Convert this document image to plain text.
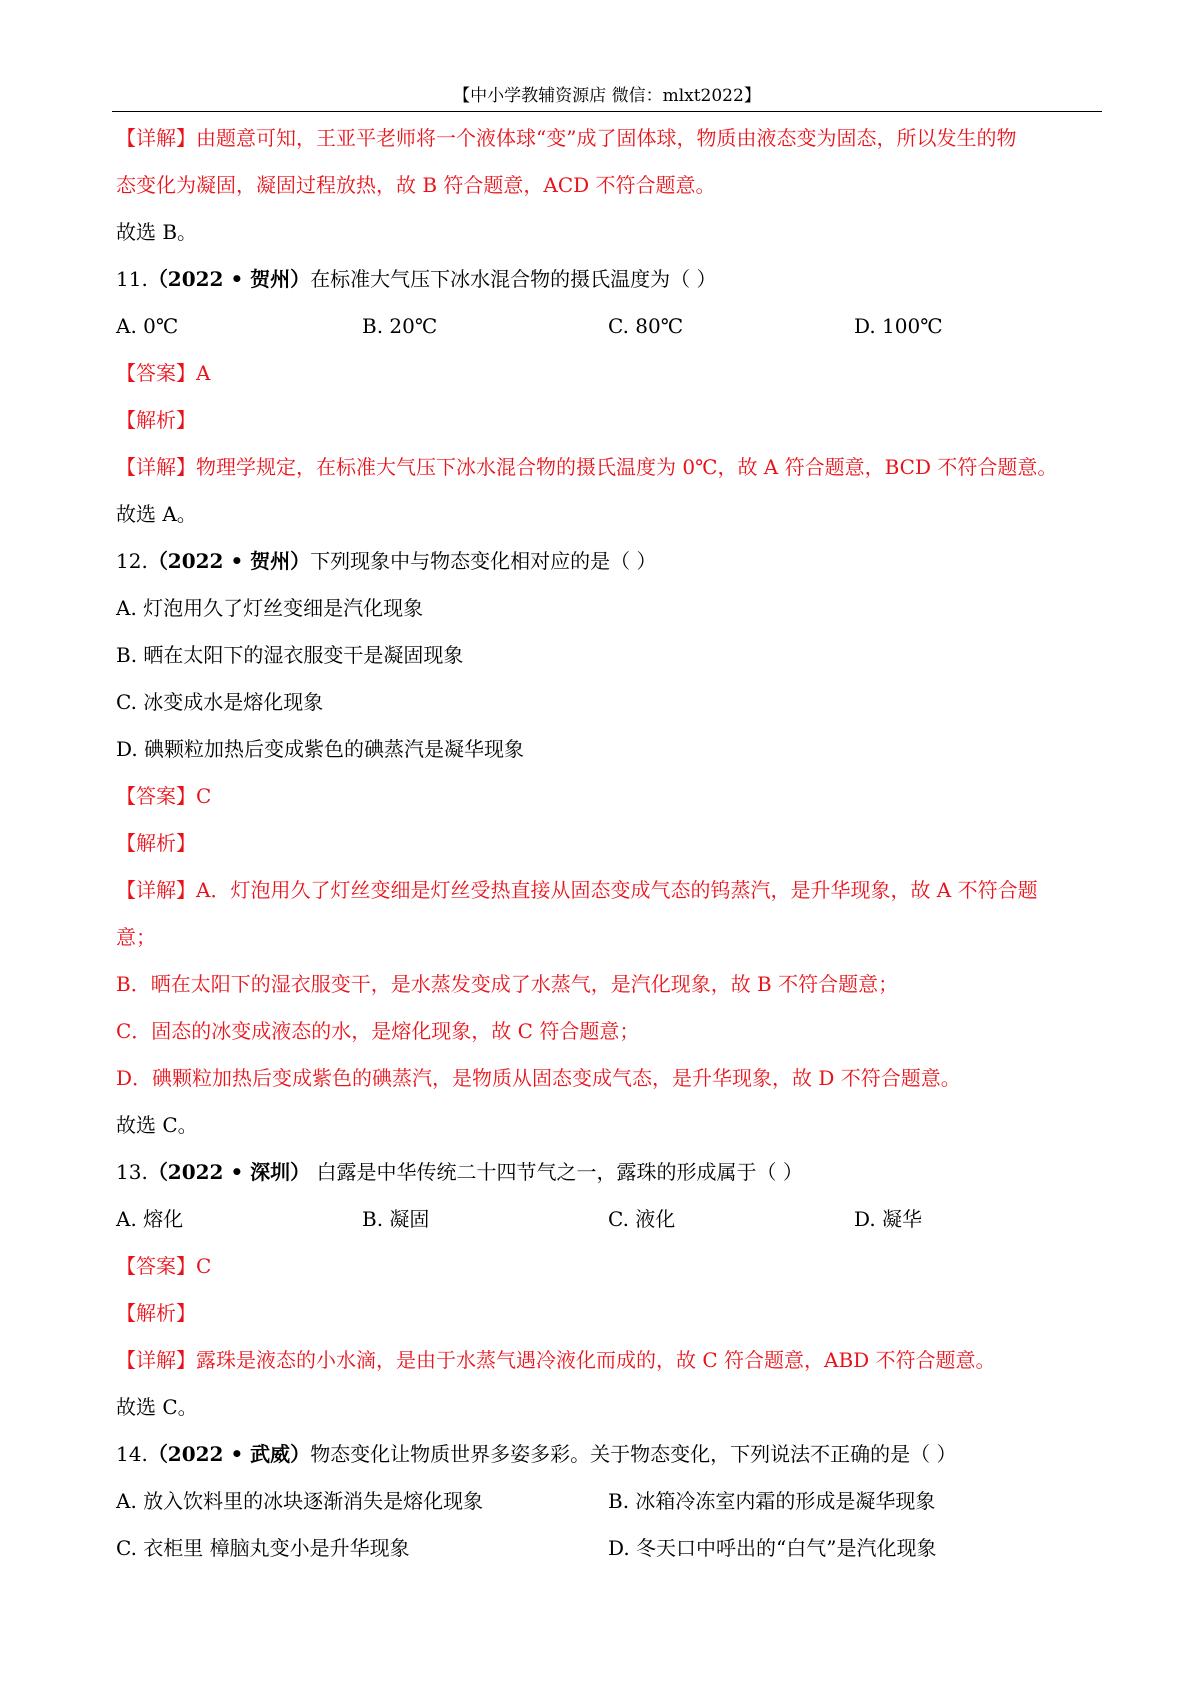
【中小学教辅资源店 微信：mlxt2022】
【详解】由题意可知，王亚平老师将一个液体球“变”成了固体球，物质由液态变为固态，所以发生的物
态变化为凝固，凝固过程放热，故 B 符合题意，ACD 不符合题意。
故选 B。
11.（2022 • 贺州）在标准大气压下冰水混合物的摄氏温度为（ ）
A. 0℃	B. 20℃	C. 80℃	D. 100℃
【答案】A
【解析】
【详解】物理学规定，在标准大气压下冰水混合物的摄氏温度为 0℃，故 A 符合题意，BCD 不符合题意。
故选 A。
12.（2022 • 贺州）下列现象中与物态变化相对应的是（ ）
A. 灯泡用久了灯丝变细是汽化现象
B. 晒在太阳下的湿衣服变干是凝固现象
C. 冰变成水是熔化现象
D. 碘颗粒加热后变成紫色的碘蒸汽是凝华现象
【答案】C
【解析】
【详解】A．灯泡用久了灯丝变细是灯丝受热直接从固态变成气态的钨蒸汽，是升华现象，故 A 不符合题
意；
B．晒在太阳下的湿衣服变干，是水蒸发变成了水蒸气，是汽化现象，故 B 不符合题意；
C．固态的冰变成液态的水，是熔化现象，故 C 符合题意；
D．碘颗粒加热后变成紫色的碘蒸汽，是物质从固态变成气态，是升华现象，故 D 不符合题意。
故选 C。
13.（2022 • 深圳） 白露是中华传统二十四节气之一，露珠的形成属于（ ）
A. 熔化	B. 凝固	C. 液化	D. 凝华
【答案】C
【解析】
【详解】露珠是液态的小水滴，是由于水蒸气遇冷液化而成的，故 C 符合题意，ABD 不符合题意。
故选 C。
14.（2022 • 武威）物态变化让物质世界多姿多彩。关于物态变化，下列说法不正确的是（ ）
A. 放入饮料里的冰块逐渐消失是熔化现象	B. 冰箱冷冻室内霜的形成是凝华现象
C. 衣柜里 樟脑丸变小是升华现象	D. 冬天口中呼出的“白气”是汽化现象
